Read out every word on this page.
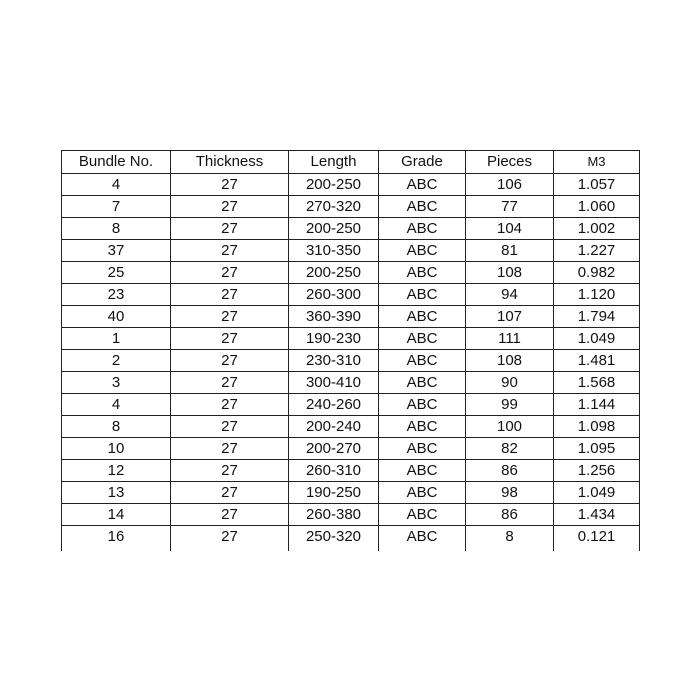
Bundle No.	Thickness	Length	Grade	Pieces	M3
4	27	200-250	ABC	106	1.057
7	27	270-320	ABC	77	1.060
8	27	200-250	ABC	104	1.002
37	27	310-350	ABC	81	1.227
25	27	200-250	ABC	108	0.982
23	27	260-300	ABC	94	1.120
40	27	360-390	ABC	107	1.794
1	27	190-230	ABC	111	1.049
2	27	230-310	ABC	108	1.481
3	27	300-410	ABC	90	1.568
4	27	240-260	ABC	99	1.144
8	27	200-240	ABC	100	1.098
10	27	200-270	ABC	82	1.095
12	27	260-310	ABC	86	1.256
13	27	190-250	ABC	98	1.049
14	27	260-380	ABC	86	1.434
16	27	250-320	ABC	8	0.121
